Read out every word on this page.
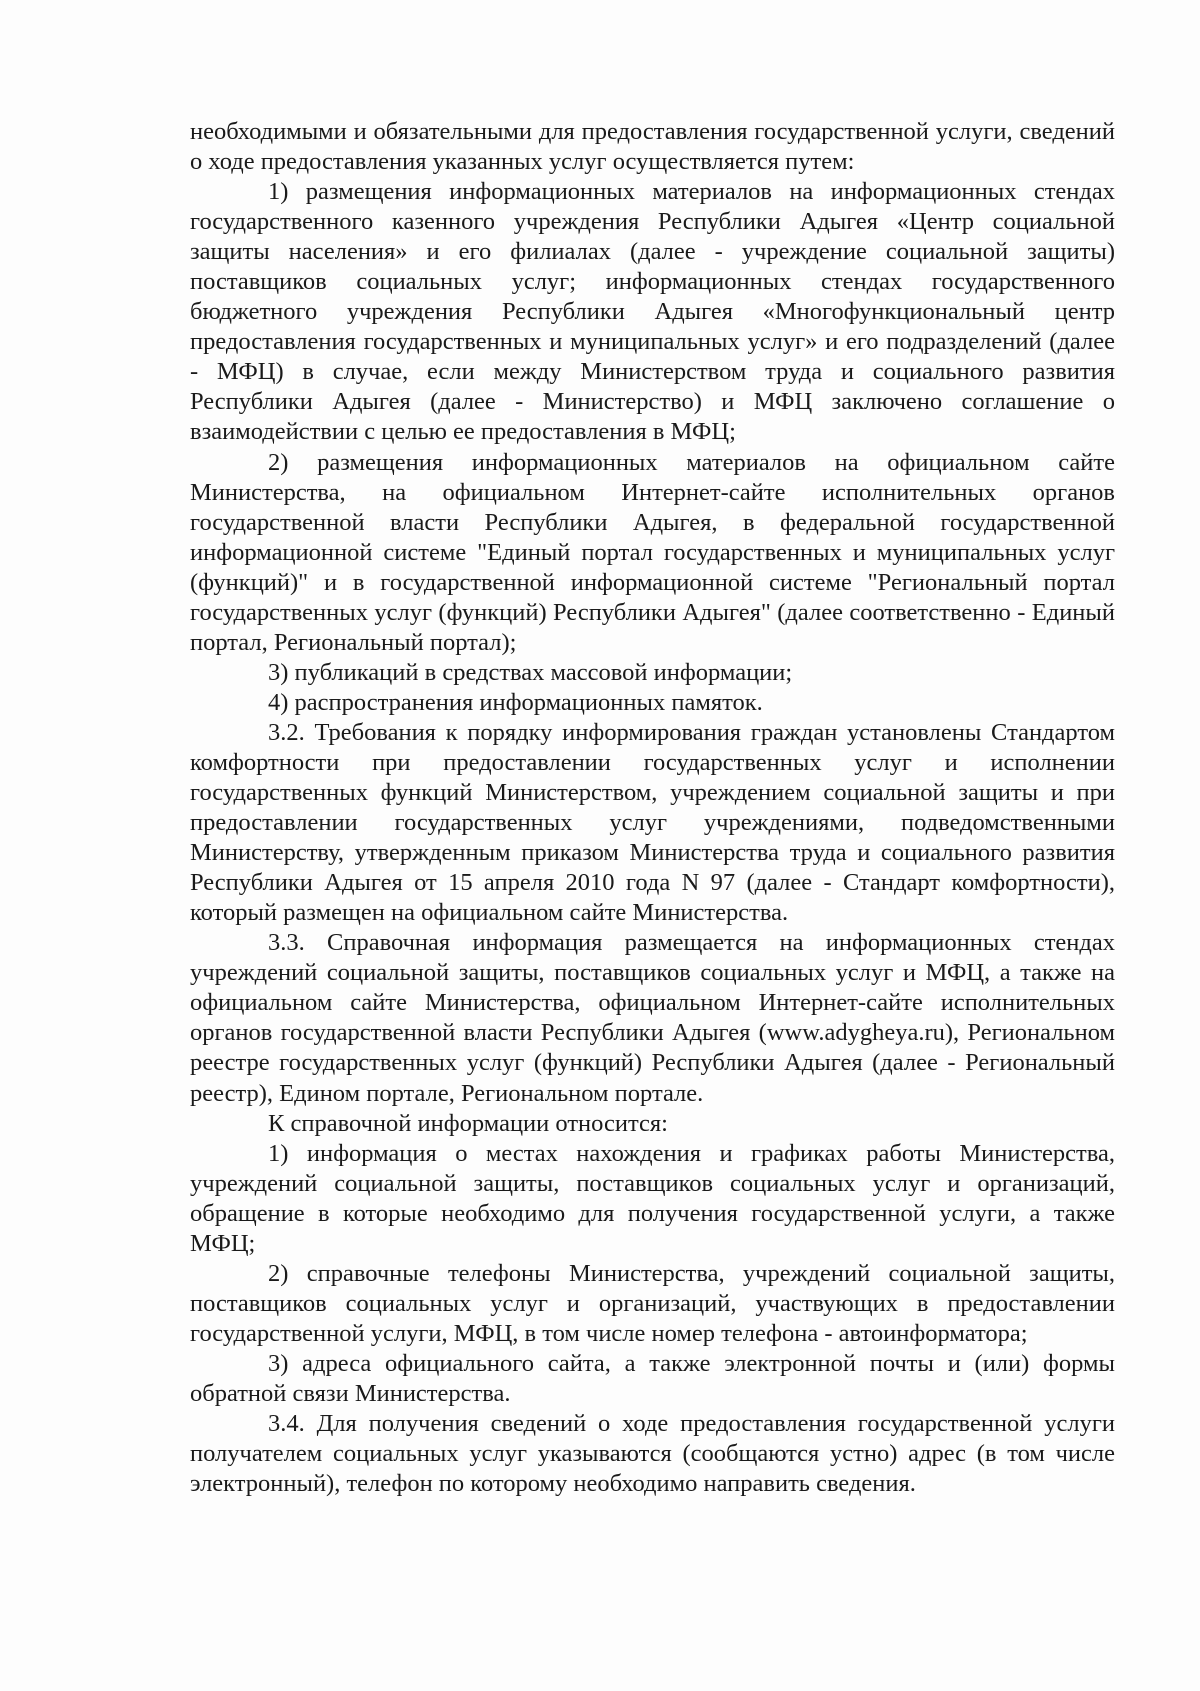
необходимыми и обязательными для предоставления государственной услуги, сведений о ходе предоставления указанных услуг осуществляется путем:

1) размещения информационных материалов на информационных стендах государственного казенного учреждения Республики Адыгея «Центр социальной защиты населения» и его филиалах (далее - учреждение социальной защиты) поставщиков социальных услуг; информационных стендах государственного бюджетного учреждения Республики Адыгея «Многофункциональный центр предоставления государственных и муниципальных услуг» и его подразделений (далее - МФЦ) в случае, если между Министерством труда и социального развития Республики Адыгея (далее - Министерство) и МФЦ заключено соглашение о взаимодействии с целью ее предоставления в МФЦ;

2) размещения информационных материалов на официальном сайте Министерства, на официальном Интернет-сайте исполнительных органов государственной власти Республики Адыгея, в федеральной государственной информационной системе "Единый портал государственных и муниципальных услуг (функций)" и в государственной информационной системе "Региональный портал государственных услуг (функций) Республики Адыгея" (далее соответственно - Единый портал, Региональный портал);

3) публикаций в средствах массовой информации;

4) распространения информационных памяток.

3.2. Требования к порядку информирования граждан установлены Стандартом комфортности при предоставлении государственных услуг и исполнении государственных функций Министерством, учреждением социальной защиты и при предоставлении государственных услуг учреждениями, подведомственными Министерству, утвержденным приказом Министерства труда и социального развития Республики Адыгея от 15 апреля 2010 года N 97 (далее - Стандарт комфортности), который размещен на официальном сайте Министерства.

3.3. Справочная информация размещается на информационных стендах учреждений социальной защиты, поставщиков социальных услуг и МФЦ, а также на официальном сайте Министерства, официальном Интернет-сайте исполнительных органов государственной власти Республики Адыгея (www.adygheya.ru), Региональном реестре государственных услуг (функций) Республики Адыгея (далее - Региональный реестр), Едином портале, Региональном портале.

К справочной информации относится:

1) информация о местах нахождения и графиках работы Министерства, учреждений социальной защиты, поставщиков социальных услуг и организаций, обращение в которые необходимо для получения государственной услуги, а также МФЦ;

2) справочные телефоны Министерства, учреждений социальной защиты, поставщиков социальных услуг и организаций, участвующих в предоставлении государственной услуги, МФЦ, в том числе номер телефона - автоинформатора;

3) адреса официального сайта, а также электронной почты и (или) формы обратной связи Министерства.

3.4. Для получения сведений о ходе предоставления государственной услуги получателем социальных услуг указываются (сообщаются устно) адрес (в том числе электронный), телефон по которому необходимо направить сведения.
